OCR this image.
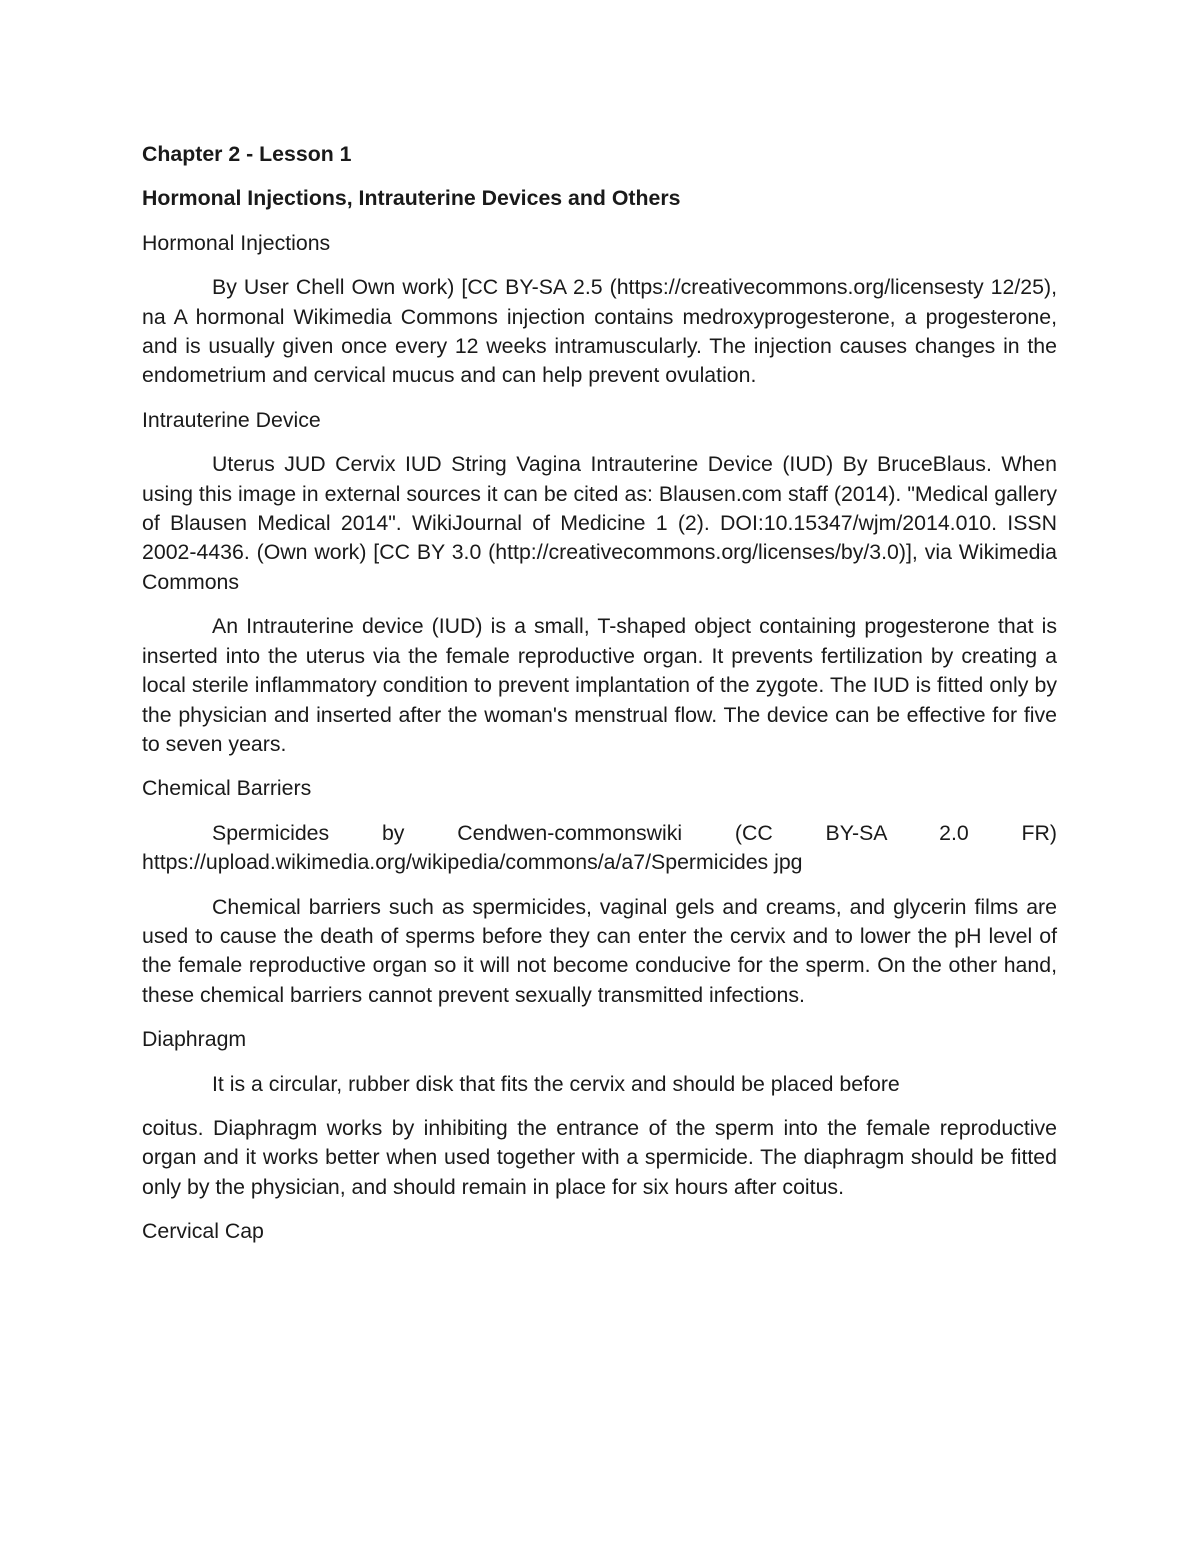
Chapter 2 - Lesson 1

Hormonal Injections, Intrauterine Devices and Others

Hormonal Injections

By User Chell Own work) [CC BY-SA 2.5 (https://creativecommons.org/licensesty 12/25), na A hormonal Wikimedia Commons injection contains medroxyprogesterone, a progesterone, and is usually given once every 12 weeks intramuscularly. The injection causes changes in the endometrium and cervical mucus and can help prevent ovulation.

Intrauterine Device

Uterus JUD Cervix IUD String Vagina Intrauterine Device (IUD) By BruceBlaus. When using this image in external sources it can be cited as: Blausen.com staff (2014). "Medical gallery of Blausen Medical 2014". WikiJournal of Medicine 1 (2). DOI:10.15347/wjm/2014.010. ISSN 2002-4436. (Own work) [CC BY 3.0 (http://creativecommons.org/licenses/by/3.0)], via Wikimedia Commons

An Intrauterine device (IUD) is a small, T-shaped object containing progesterone that is inserted into the uterus via the female reproductive organ. It prevents fertilization by creating a local sterile inflammatory condition to prevent implantation of the zygote. The IUD is fitted only by the physician and inserted after the woman's menstrual flow. The device can be effective for five to seven years.

Chemical Barriers

Spermicides by Cendwen-commonswiki (CC BY-SA 2.0 FR) https://upload.wikimedia.org/wikipedia/commons/a/a7/Spermicides jpg

Chemical barriers such as spermicides, vaginal gels and creams, and glycerin films are used to cause the death of sperms before they can enter the cervix and to lower the pH level of the female reproductive organ so it will not become conducive for the sperm. On the other hand, these chemical barriers cannot prevent sexually transmitted infections.

Diaphragm

It is a circular, rubber disk that fits the cervix and should be placed before

coitus. Diaphragm works by inhibiting the entrance of the sperm into the female reproductive organ and it works better when used together with a spermicide. The diaphragm should be fitted only by the physician, and should remain in place for six hours after coitus.

Cervical Cap
